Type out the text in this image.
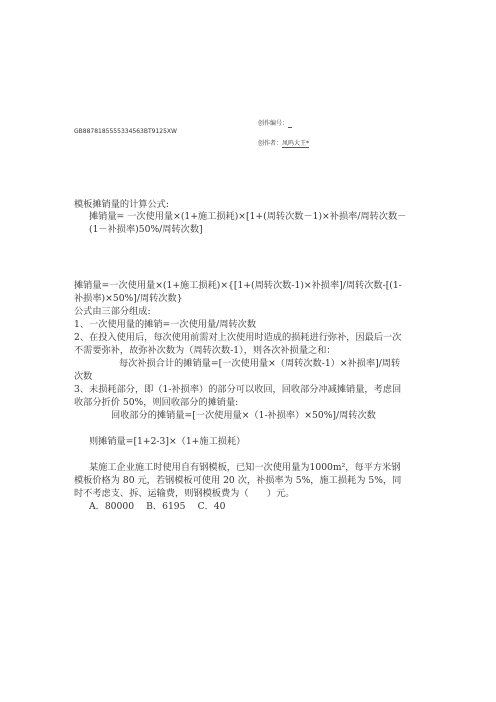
创作编号：
GB8878185555334563BT9125XW
创作者：凤呜大王*
模板摊销量的计算公式:
摊销量= 一次使用量×(1+施工损耗)×[1+(周转次数－1)×补损率/周转次数－(1－补损率)50%/周转次数]
摊销量=一次使用量×(1+施工损耗)×{[1+(周转次数-1)×补损率]/周转次数-[(1-补损率)×50%]/周转次数}
公式由三部分组成:
1、一次使用量的摊销=一次使用量/周转次数
2、在投入使用后，每次使用前需对上次使用时造成的损耗进行弥补，因最后一次不需要弥补，故弥补次数为（周转次数-1），则各次补损量之和：
每次补损合计的摊销量=[一次使用量×（周转次数-1）×补损率]/周转次数
3、未损耗部分，即（1-补损率）的部分可以收回，回收部分冲减摊销量，考虑回收部分折价 50%，则回收部分的摊销量:
回收部分的摊销量=[一次使用量×（1-补损率）×50%]/周转次数
则摊销量=[1+2-3]×（1+施工损耗）
某施工企业施工时使用自有钢模板，已知一次使用量为1000m²，每平方米钢模板价格为 80 元，若钢模板可使用 20 次，补损率为 5%，施工损耗为 5%，同时不考虑支、拆、运输费，则钢模板费为（　　）元。
A．80000　 B．6195　 C．40
